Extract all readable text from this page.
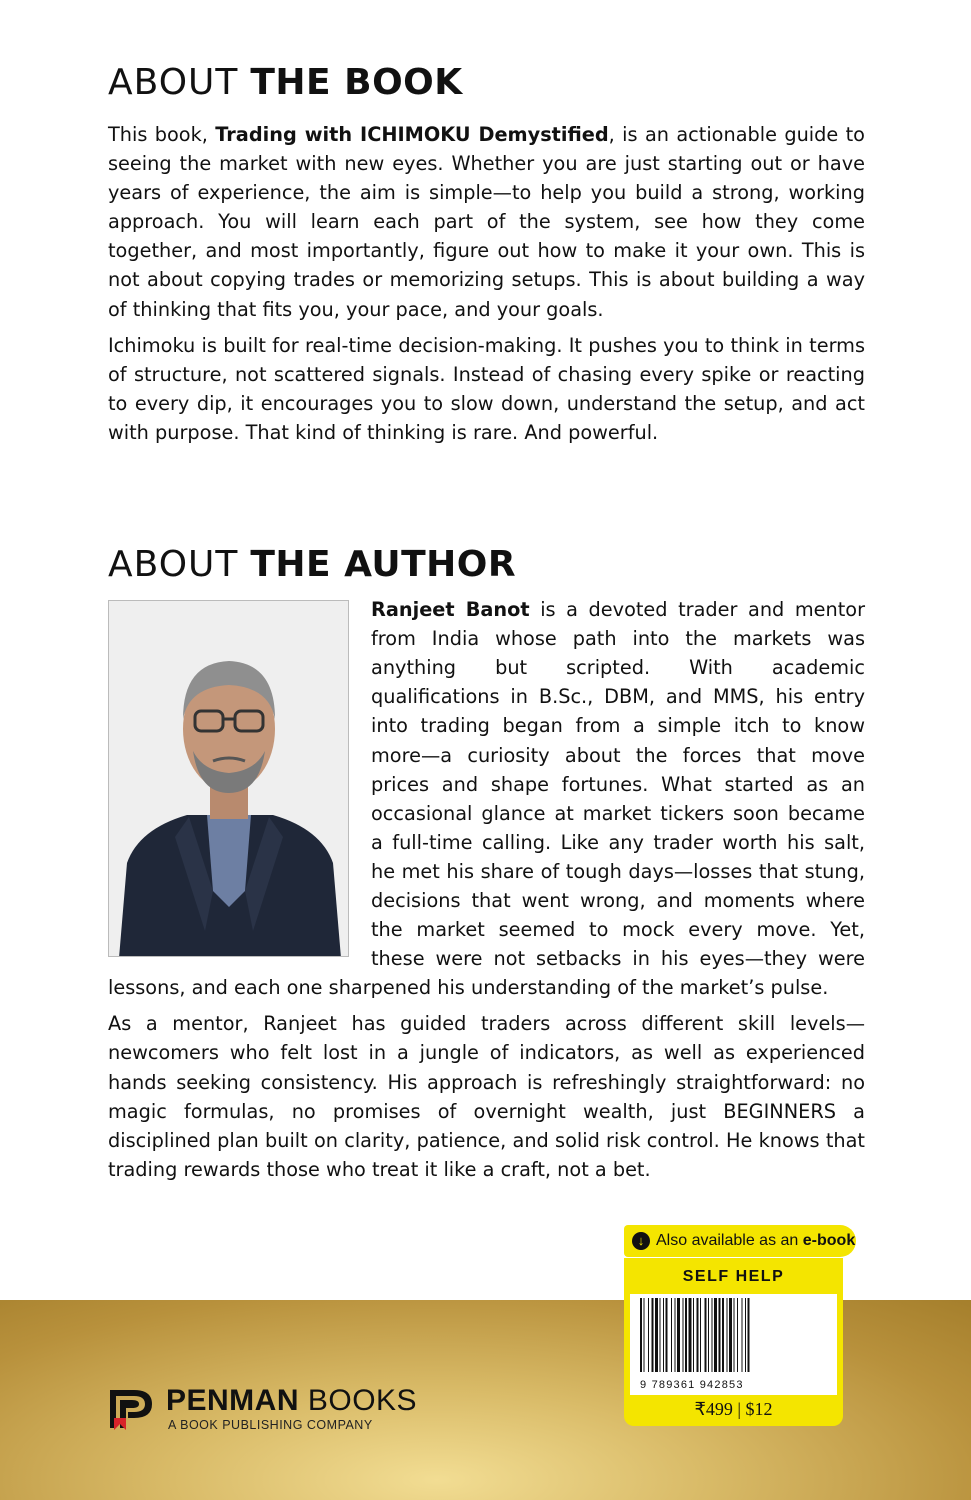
ABOUT THE BOOK

This book, Trading with ICHIMOKU Demystified, is an actionable guide to seeing the market with new eyes. Whether you are just starting out or have years of experience, the aim is simple—to help you build a strong, working approach. You will learn each part of the system, see how they come together, and most importantly, figure out how to make it your own. This is not about copying trades or memorizing setups. This is about building a way of thinking that fits you, your pace, and your goals.

Ichimoku is built for real-time decision-making. It pushes you to think in terms of structure, not scattered signals. Instead of chasing every spike or reacting to every dip, it encourages you to slow down, understand the setup, and act with purpose. That kind of thinking is rare. And powerful.

ABOUT THE AUTHOR

Ranjeet Banot is a devoted trader and mentor from India whose path into the markets was anything but scripted. With academic qualifications in B.Sc., DBM, and MMS, his entry into trading began from a simple itch to know more—a curiosity about the forces that move prices and shape fortunes. What started as an occasional glance at market tickers soon became a full-time calling. Like any trader worth his salt, he met his share of tough days—losses that stung, decisions that went wrong, and moments where the market seemed to mock every move. Yet, these were not setbacks in his eyes—they were lessons, and each one sharpened his understanding of the market’s pulse.

As a mentor, Ranjeet has guided traders across different skill levels—newcomers who felt lost in a jungle of indicators, as well as experienced hands seeking consistency. His approach is refreshingly straightforward: no magic formulas, no promises of overnight wealth, just BEGINNERS a disciplined plan built on clarity, patience, and solid risk control. He knows that trading rewards those who treat it like a craft, not a bet.

PENMAN BOOKS
A BOOK PUBLISHING COMPANY
↓ Also available as an e-book
SELF HELP
9 789361 942853
₹499 | $12
